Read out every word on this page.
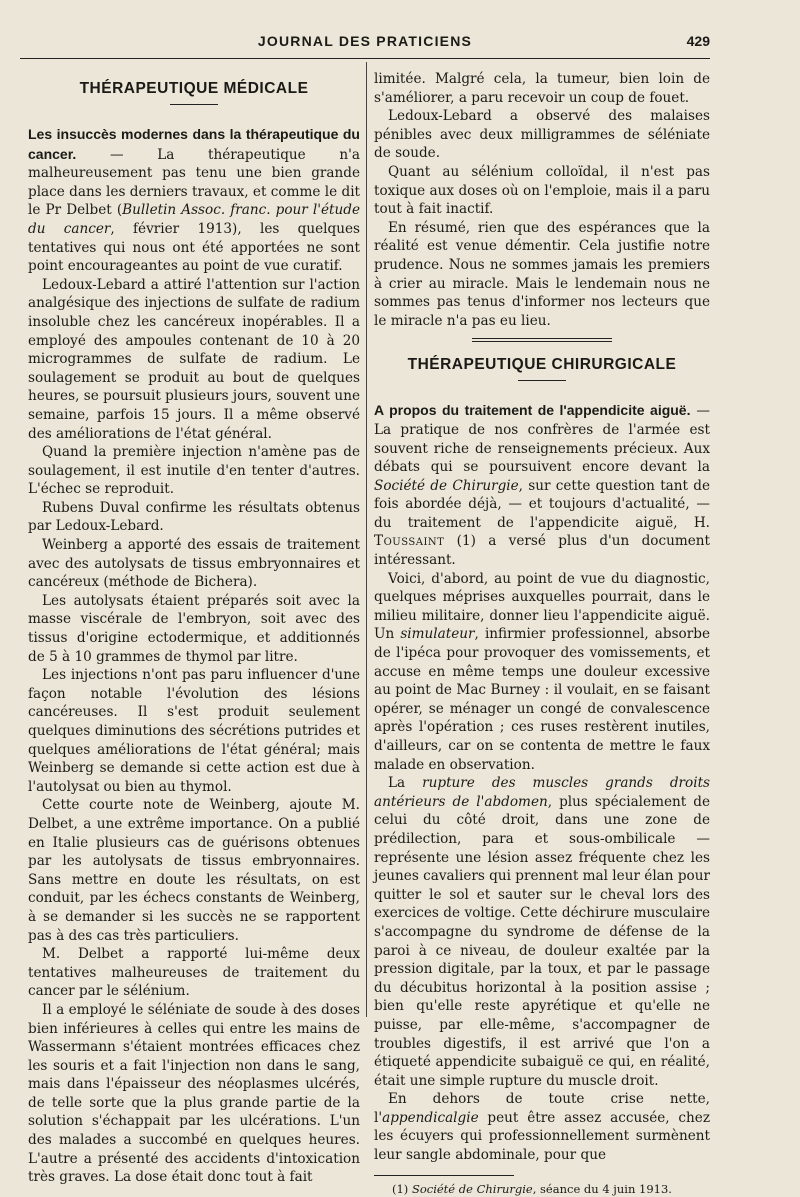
JOURNAL DES PRATICIENS	429
THÉRAPEUTIQUE MÉDICALE

Les insuccès modernes dans la thérapeutique du cancer. — La thérapeutique n'a malheureusement pas tenu une bien grande place dans les derniers travaux, et comme le dit le Pr Delbet (Bulletin Assoc. franc. pour l'étude du cancer, février 1913), les quelques tentatives qui nous ont été apportées ne sont point encourageantes au point de vue curatif.

Ledoux-Lebard a attiré l'attention sur l'action analgésique des injections de sulfate de radium insoluble chez les cancéreux inopérables. Il a employé des ampoules contenant de 10 à 20 microgrammes de sulfate de radium. Le soulagement se produit au bout de quelques heures, se poursuit plusieurs jours, souvent une semaine, parfois 15 jours. Il a même observé des améliorations de l'état général.

Quand la première injection n'amène pas de soulagement, il est inutile d'en tenter d'autres. L'échec se reproduit.

Rubens Duval confirme les résultats obtenus par Ledoux-Lebard.

Weinberg a apporté des essais de traitement avec des autolysats de tissus embryonnaires et cancéreux (méthode de Bichera).

Les autolysats étaient préparés soit avec la masse viscérale de l'embryon, soit avec des tissus d'origine ectodermique, et additionnés de 5 à 10 grammes de thymol par litre.

Les injections n'ont pas paru influencer d'une façon notable l'évolution des lésions cancéreuses. Il s'est produit seulement quelques diminutions des sécrétions putrides et quelques améliorations de l'état général; mais Weinberg se demande si cette action est due à l'autolysat ou bien au thymol.

Cette courte note de Weinberg, ajoute M. Delbet, a une extrême importance. On a publié en Italie plusieurs cas de guérisons obtenues par les autolysats de tissus embryonnaires. Sans mettre en doute les résultats, on est conduit, par les échecs constants de Weinberg, à se demander si les succès ne se rapportent pas à des cas très particuliers.

M. Delbet a rapporté lui-même deux tentatives malheureuses de traitement du cancer par le sélénium.

Il a employé le séléniate de soude à des doses bien inférieures à celles qui entre les mains de Wassermann s'étaient montrées efficaces chez les souris et a fait l'injection non dans le sang, mais dans l'épaisseur des néoplasmes ulcérés, de telle sorte que la plus grande partie de la solution s'échappait par les ulcérations. L'un des malades a succombé en quelques heures. L'autre a présenté des accidents d'intoxication très graves. La dose était donc tout à fait

limitée. Malgré cela, la tumeur, bien loin de s'améliorer, a paru recevoir un coup de fouet.

Ledoux-Lebard a observé des malaises pénibles avec deux milligrammes de séléniate de soude.

Quant au sélénium colloïdal, il n'est pas toxique aux doses où on l'emploie, mais il a paru tout à fait inactif.

En résumé, rien que des espérances que la réalité est venue démentir. Cela justifie notre prudence. Nous ne sommes jamais les premiers à crier au miracle. Mais le lendemain nous ne sommes pas tenus d'informer nos lecteurs que le miracle n'a pas eu lieu.

THÉRAPEUTIQUE CHIRURGICALE

A propos du traitement de l'appendicite aiguë. — La pratique de nos confrères de l'armée est souvent riche de renseignements précieux. Aux débats qui se poursuivent encore devant la Société de Chirurgie, sur cette question tant de fois abordée déjà, — et toujours d'actualité, — du traitement de l'appendicite aiguë, H. Toussaint (1) a versé plus d'un document intéressant.

Voici, d'abord, au point de vue du diagnostic, quelques méprises auxquelles pourrait, dans le milieu militaire, donner lieu l'appendicite aiguë. Un simulateur, infirmier professionnel, absorbe de l'ipéca pour provoquer des vomissements, et accuse en même temps une douleur excessive au point de Mac Burney : il voulait, en se faisant opérer, se ménager un congé de convalescence après l'opération ; ces ruses restèrent inutiles, d'ailleurs, car on se contenta de mettre le faux malade en observation.

La rupture des muscles grands droits antérieurs de l'abdomen, plus spécialement de celui du côté droit, dans une zone de prédilection, para et sous-ombilicale — représente une lésion assez fréquente chez les jeunes cavaliers qui prennent mal leur élan pour quitter le sol et sauter sur le cheval lors des exercices de voltige. Cette déchirure musculaire s'accompagne du syndrome de défense de la paroi à ce niveau, de douleur exaltée par la pression digitale, par la toux, et par le passage du décubitus horizontal à la position assise ; bien qu'elle reste apyrétique et qu'elle ne puisse, par elle-même, s'accompagner de troubles digestifs, il est arrivé que l'on a étiqueté appendicite subaiguë ce qui, en réalité, était une simple rupture du muscle droit.

En dehors de toute crise nette, l'appendicalgie peut être assez accusée, chez les écuyers qui professionnellement surmènent leur sangle abdominale, pour que

(1) Société de Chirurgie, séance du 4 juin 1913.
